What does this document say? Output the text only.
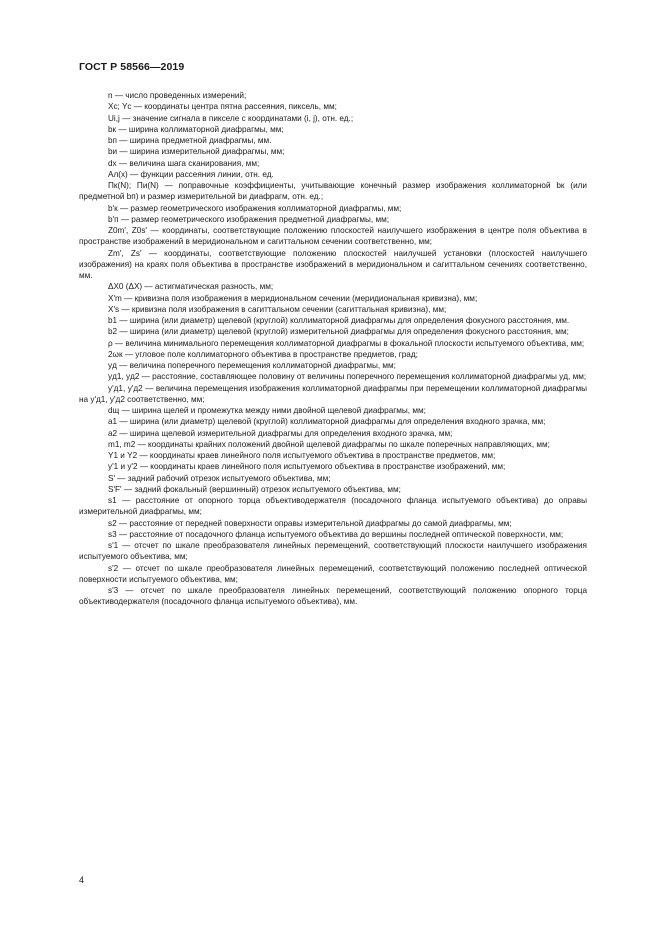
ГОСТ Р 58566—2019

n — число проведенных измерений;

Xc; Yc — координаты центра пятна рассеяния, пиксель, мм;

Ui,j — значение сигнала в пикселе с координатами (i, j), отн. ед.;

bк — ширина коллиматорной диафрагмы, мм;

bп — ширина предметной диафрагмы, мм.

bи — ширина измерительной диафрагмы, мм;

dx — величина шага сканирования, мм;

Aл(x) — функции рассеяния линии, отн. ед.

Пк(N); Пи(N) — поправочные коэффициенты, учитывающие конечный размер изображения коллиматорной bк (или предметной bп) и размер измерительной bи диафрагм, отн. ед.;

b'к — размер геометрического изображения коллиматорной диафрагмы, мм;

b'п — размер геометрического изображения предметной диафрагмы, мм;

Z0m', Z0s' — координаты, соответствующие положению плоскостей наилучшего изображения в центре поля объектива в пространстве изображений в меридиональном и сагиттальном сечении соответственно, мм;

Zm', Zs' — координаты, соответствующие положению плоскостей наилучшей установки (плоскостей наилучшего изображения) на краях поля объектива в пространстве изображений в меридиональном и сагиттальном сечениях соответственно, мм.

ΔX0 (ΔX) — астигматическая разность, мм;

X'm — кривизна поля изображения в меридиональном сечении (меридиональная кривизна), мм;

X's — кривизна поля изображения в сагиттальном сечении (сагиттальная кривизна), мм;

b1 — ширина (или диаметр) щелевой (круглой) коллиматорной диафрагмы для определения фокусного расстояния, мм.

b2 — ширина (или диаметр) щелевой (круглой) измерительной диафрагмы для определения фокусного расстояния, мм;

ρ — величина минимального перемещения коллиматорной диафрагмы в фокальной плоскости испытуемого объектива, мм;

2ωк — угловое поле коллиматорного объектива в пространстве предметов, град;

yд — величина поперечного перемещения коллиматорной диафрагмы, мм;

yд1, yд2 — расстояние, составляющее половину от величины поперечного перемещения коллиматорной диафрагмы yд, мм;

y'д1, y'д2 — величина перемещения изображения коллиматорной диафрагмы при перемещении коллиматорной диафрагмы на y'д1, y'д2 соответственно, мм;

dщ — ширина щелей и промежутка между ними двойной щелевой диафрагмы, мм;

a1 — ширина (или диаметр) щелевой (круглой) коллиматорной диафрагмы для определения входного зрачка, мм;

a2 — ширина щелевой измерительной диафрагмы для определения входного зрачка, мм;

m1, m2 — координаты крайних положений двойной щелевой диафрагмы по шкале поперечных направляющих, мм;

Y1 и Y2 — координаты краев линейного поля испытуемого объектива в пространстве предметов, мм;

y'1 и y'2 — координаты краев линейного поля испытуемого объектива в пространстве изображений, мм;

S' — задний рабочий отрезок испытуемого объектива, мм;

S'F' — задний фокальный (вершинный) отрезок испытуемого объектива, мм;

s1 — расстояние от опорного торца объективодержателя (посадочного фланца испытуемого объектива) до оправы измерительной диафрагмы, мм;

s2 — расстояние от передней поверхности оправы измерительной диафрагмы до самой диафрагмы, мм;

s3 — расстояние от посадочного фланца испытуемого объектива до вершины последней оптической поверхности, мм;

s'1 — отсчет по шкале преобразователя линейных перемещений, соответствующий плоскости наилучшего изображения испытуемого объектива, мм;

s'2 — отсчет по шкале преобразователя линейных перемещений, соответствующий положению последней оптической поверхности испытуемого объектива, мм;

s'3 — отсчет по шкале преобразователя линейных перемещений, соответствующий положению опорного торца объективодержателя (посадочного фланца испытуемого объектива), мм.

4
